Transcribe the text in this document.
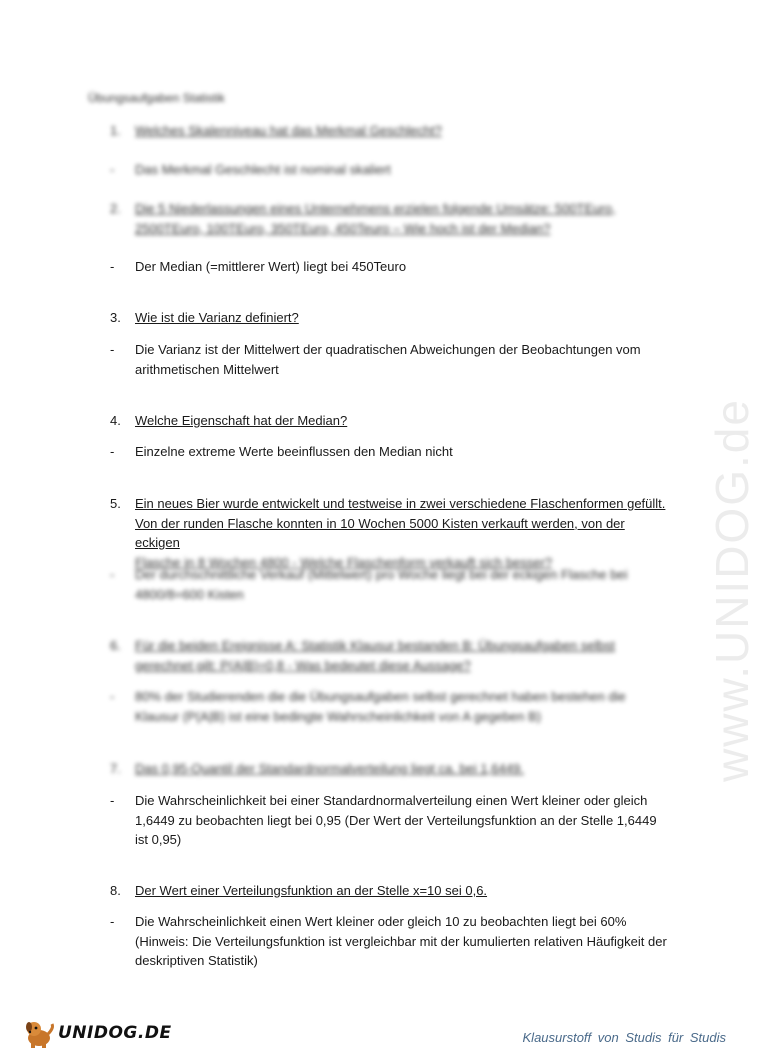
www.UNIDOG.de
Übungsaufgaben Statistik
1.	Welches Skalenniveau hat das Merkmal Geschlecht?
-	Das Merkmal Geschlecht ist nominal skaliert
2.	Die 5 Niederlassungen eines Unternehmens erzielen folgende Umsätze: 500TEuro, 2500TEuro, 100TEuro, 350TEuro, 450Teuro – Wie hoch ist der Median?
-	Der Median (=mittlerer Wert) liegt bei 450Teuro
3.	Wie ist die Varianz definiert?
-	Die Varianz ist der Mittelwert der quadratischen Abweichungen der Beobachtungen vom arithmetischen Mittelwert
4.	Welche Eigenschaft hat der Median?
-	Einzelne extreme Werte beeinflussen den Median nicht
5.	Ein neues Bier wurde entwickelt und testweise in zwei verschiedene Flaschenformen gefüllt. Von der runden Flasche konnten in 10 Wochen 5000 Kisten verkauft werden, von der eckigen
Flasche in 8 Wochen 4800 - Welche Flaschenform verkauft sich besser?
-	Der durchschnittliche Verkauf (Mittelwert) pro Woche liegt bei der eckigen Flasche bei 4800/8=600 Kisten
6.	Für die beiden Ereignisse A: Statistik Klausur bestanden B: Übungsaufgaben selbst gerechnet gilt: P(A|B)=0,8 - Was bedeutet diese Aussage?
-	80% der Studierenden die die Übungsaufgaben selbst gerechnet haben bestehen die Klausur (P(A|B) ist eine bedingte Wahrscheinlichkeit von A gegeben B)
7.	Das 0,95-Quantil der Standardnormalverteilung liegt ca. bei 1,6449.
-	Die Wahrscheinlichkeit bei einer Standardnormalverteilung einen Wert kleiner oder gleich 1,6449 zu beobachten liegt bei 0,95 (Der Wert der Verteilungsfunktion an der Stelle 1,6449 ist 0,95)
8.	Der Wert einer Verteilungsfunktion an der Stelle x=10 sei 0,6.
-	Die Wahrscheinlichkeit einen Wert kleiner oder gleich 10 zu beobachten liegt bei 60% (Hinweis: Die Verteilungsfunktion ist vergleichbar mit der kumulierten relativen Häufigkeit der deskriptiven Statistik)
UNIDOG.DE	Klausurstoff von Studis für Studis
